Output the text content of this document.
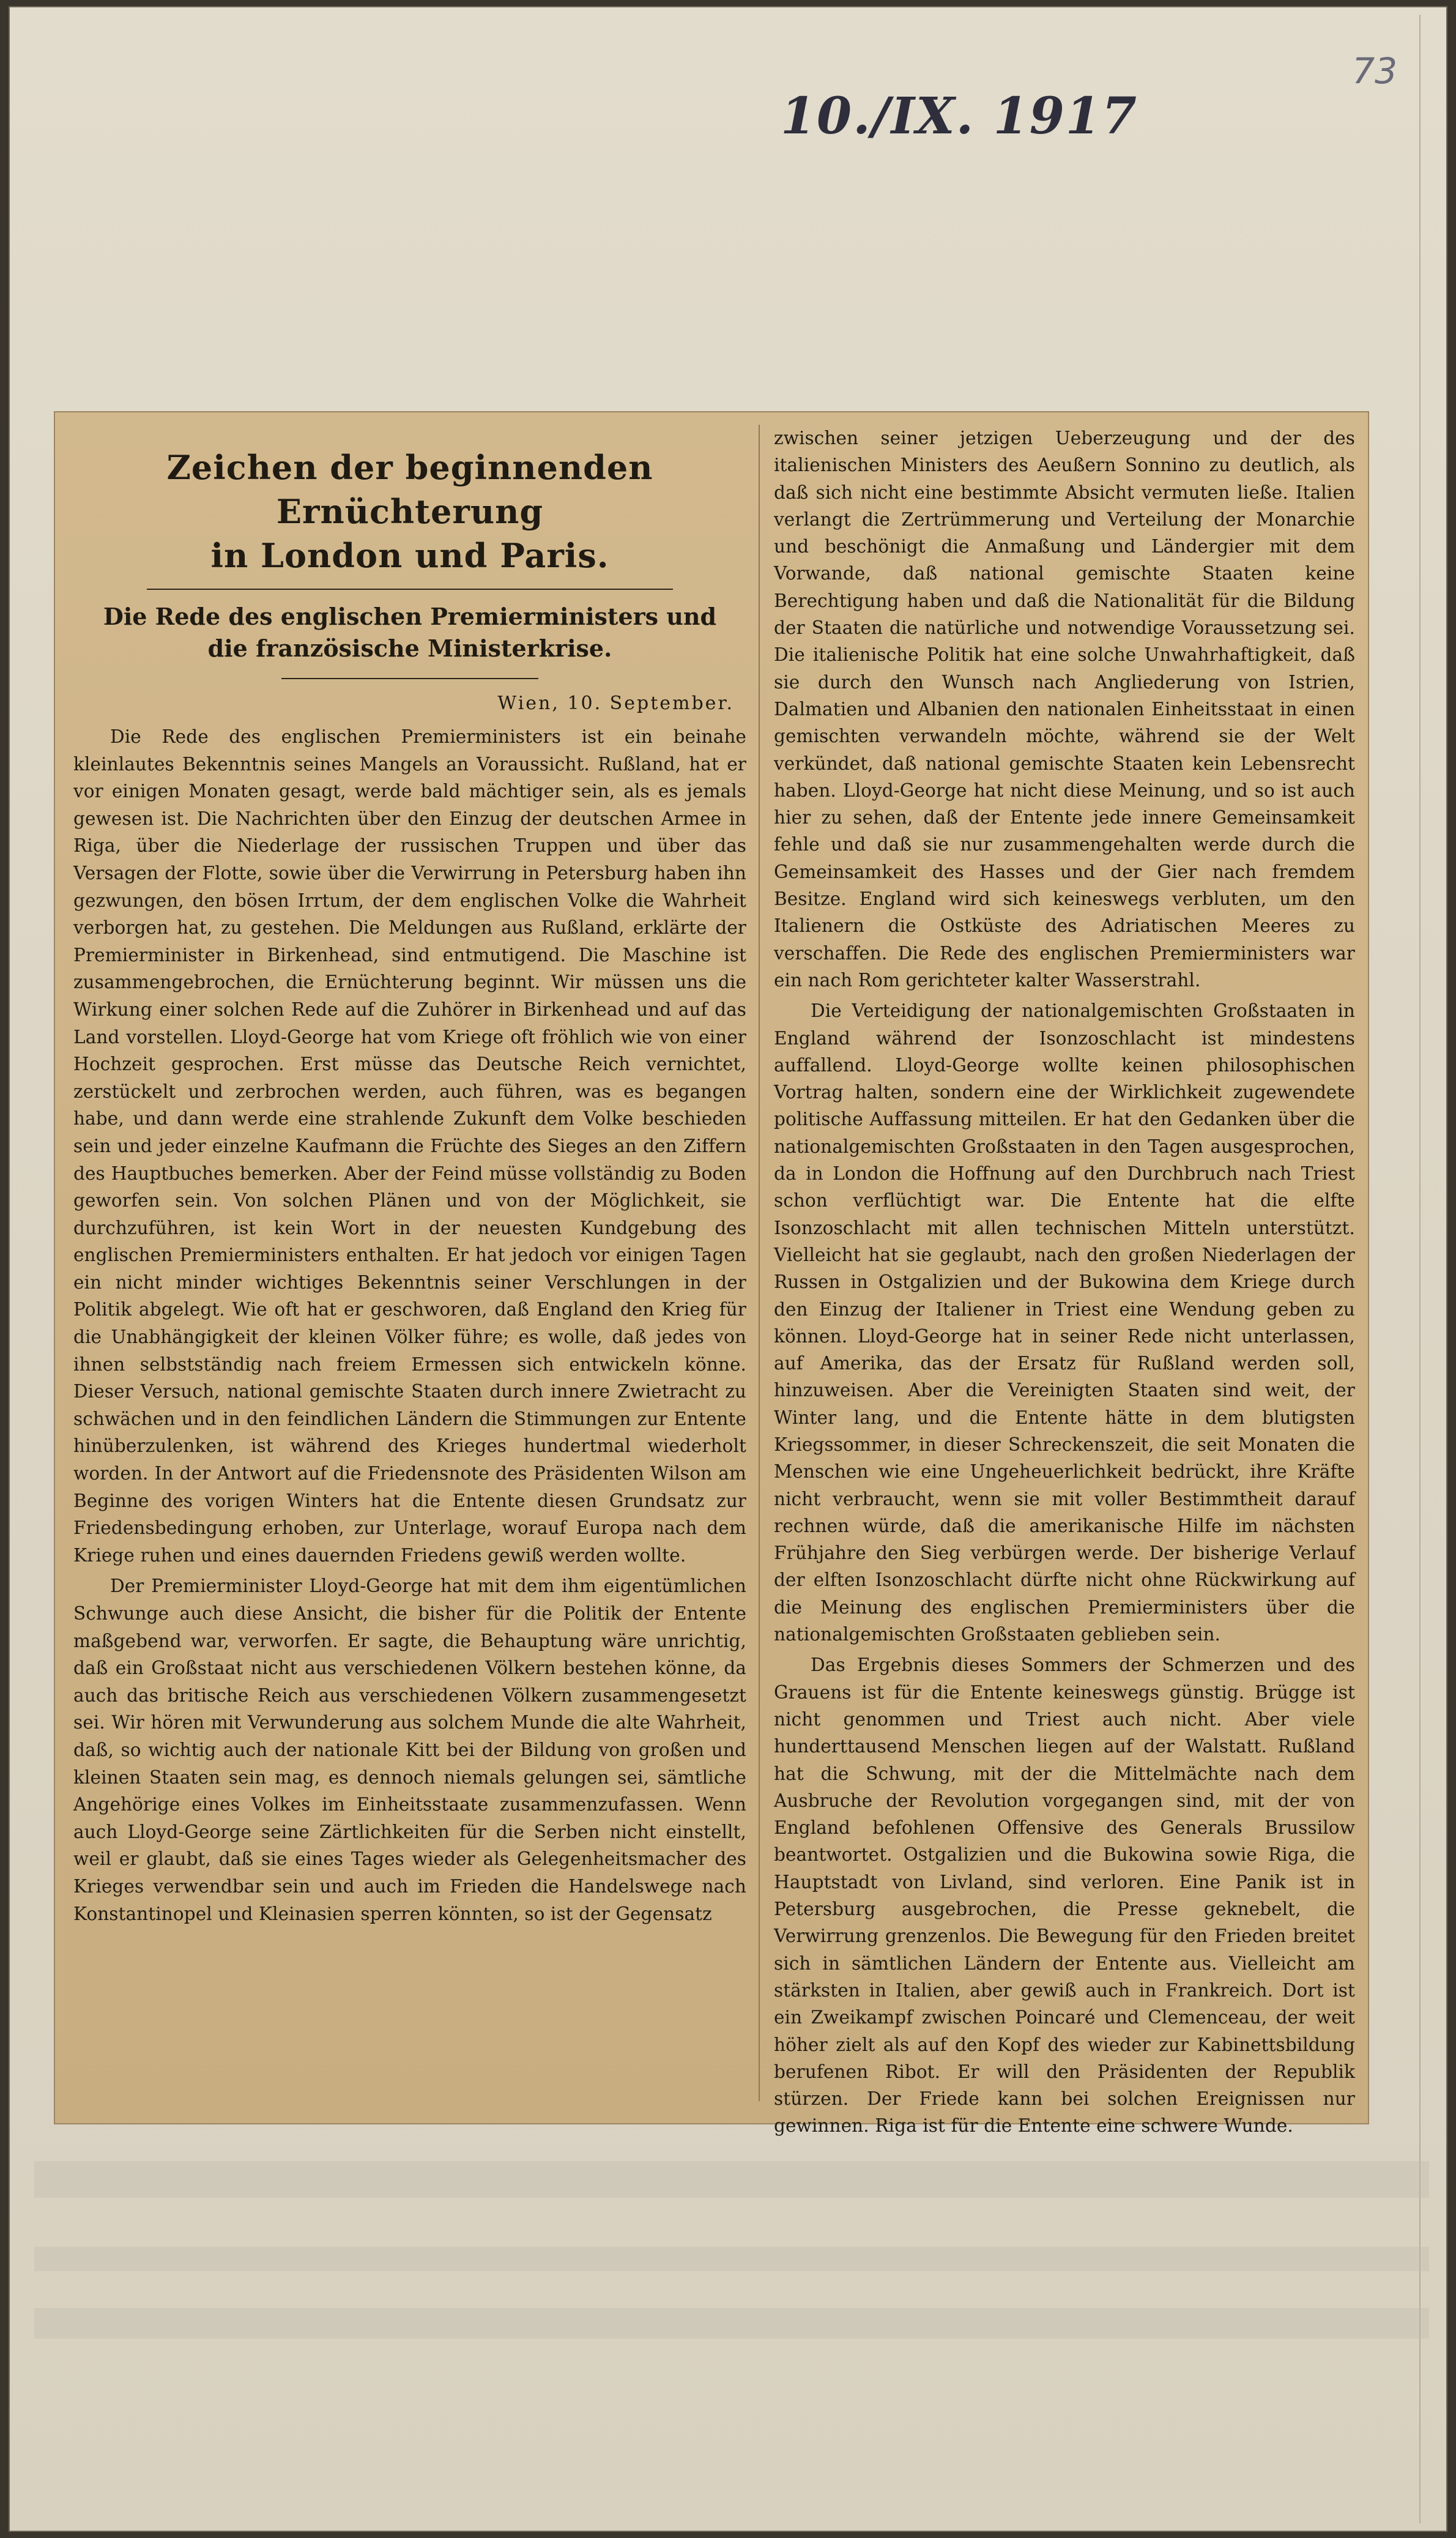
73
10./IX. 1917
Zeichen der beginnenden Ernüchterung
in London und Paris.
Die Rede des englischen Premierministers und
die französische Ministerkrise.
Wien, 10. September.

Die Rede des englischen Premierministers ist ein beinahe kleinlautes Bekenntnis seines Mangels an Voraussicht. Rußland, hat er vor einigen Monaten gesagt, werde bald mächtiger sein, als es jemals gewesen ist. Die Nachrichten über den Einzug der deutschen Armee in Riga, über die Niederlage der russischen Truppen und über das Versagen der Flotte, sowie über die Verwirrung in Petersburg haben ihn gezwungen, den bösen Irrtum, der dem englischen Volke die Wahrheit verborgen hat, zu gestehen. Die Meldungen aus Rußland, erklärte der Premierminister in Birkenhead, sind entmutigend. Die Maschine ist zusammengebrochen, die Ernüchterung beginnt. Wir müssen uns die Wirkung einer solchen Rede auf die Zuhörer in Birkenhead und auf das Land vorstellen. Lloyd-George hat vom Kriege oft fröhlich wie von einer Hochzeit gesprochen. Erst müsse das Deutsche Reich vernichtet, zerstückelt und zerbrochen werden, auch führen, was es begangen habe, und dann werde eine strahlende Zukunft dem Volke beschieden sein und jeder einzelne Kaufmann die Früchte des Sieges an den Ziffern des Hauptbuches bemerken. Aber der Feind müsse vollständig zu Boden geworfen sein. Von solchen Plänen und von der Möglichkeit, sie durchzuführen, ist kein Wort in der neuesten Kundgebung des englischen Premierministers enthalten. Er hat jedoch vor einigen Tagen ein nicht minder wichtiges Bekenntnis seiner Verschlungen in der Politik abgelegt. Wie oft hat er geschworen, daß England den Krieg für die Unabhängigkeit der kleinen Völker führe; es wolle, daß jedes von ihnen selbstständig nach freiem Ermessen sich entwickeln könne. Dieser Versuch, national gemischte Staaten durch innere Zwietracht zu schwächen und in den feindlichen Ländern die Stimmungen zur Entente hinüberzulenken, ist während des Krieges hundertmal wiederholt worden. In der Antwort auf die Friedensnote des Präsidenten Wilson am Beginne des vorigen Winters hat die Entente diesen Grundsatz zur Friedensbedingung erhoben, zur Unterlage, worauf Europa nach dem Kriege ruhen und eines dauernden Friedens gewiß werden wollte.

Der Premierminister Lloyd-George hat mit dem ihm eigentümlichen Schwunge auch diese Ansicht, die bisher für die Politik der Entente maßgebend war, verworfen. Er sagte, die Behauptung wäre unrichtig, daß ein Großstaat nicht aus verschiedenen Völkern bestehen könne, da auch das britische Reich aus verschiedenen Völkern zusammengesetzt sei. Wir hören mit Verwunderung aus solchem Munde die alte Wahrheit, daß, so wichtig auch der nationale Kitt bei der Bildung von großen und kleinen Staaten sein mag, es dennoch niemals gelungen sei, sämtliche Angehörige eines Volkes im Einheitsstaate zusammenzufassen. Wenn auch Lloyd-George seine Zärtlichkeiten für die Serben nicht einstellt, weil er glaubt, daß sie eines Tages wieder als Gelegenheitsmacher des Krieges verwendbar sein und auch im Frieden die Handelswege nach Konstantinopel und Kleinasien sperren könnten, so ist der Gegensatz

zwischen seiner jetzigen Ueberzeugung und der des italienischen Ministers des Aeußern Sonnino zu deutlich, als daß sich nicht eine bestimmte Absicht vermuten ließe. Italien verlangt die Zertrümmerung und Verteilung der Monarchie und beschönigt die Anmaßung und Ländergier mit dem Vorwande, daß national gemischte Staaten keine Berechtigung haben und daß die Nationalität für die Bildung der Staaten die natürliche und notwendige Voraussetzung sei. Die italienische Politik hat eine solche Unwahrhaftigkeit, daß sie durch den Wunsch nach Angliederung von Istrien, Dalmatien und Albanien den nationalen Einheitsstaat in einen gemischten verwandeln möchte, während sie der Welt verkündet, daß national gemischte Staaten kein Lebensrecht haben. Lloyd-George hat nicht diese Meinung, und so ist auch hier zu sehen, daß der Entente jede innere Gemeinsamkeit fehle und daß sie nur zusammengehalten werde durch die Gemeinsamkeit des Hasses und der Gier nach fremdem Besitze. England wird sich keineswegs verbluten, um den Italienern die Ostküste des Adriatischen Meeres zu verschaffen. Die Rede des englischen Premierministers war ein nach Rom gerichteter kalter Wasserstrahl.

Die Verteidigung der nationalgemischten Großstaaten in England während der Isonzoschlacht ist mindestens auffallend. Lloyd-George wollte keinen philosophischen Vortrag halten, sondern eine der Wirklichkeit zugewendete politische Auffassung mitteilen. Er hat den Gedanken über die nationalgemischten Großstaaten in den Tagen ausgesprochen, da in London die Hoffnung auf den Durchbruch nach Triest schon verflüchtigt war. Die Entente hat die elfte Isonzoschlacht mit allen technischen Mitteln unterstützt. Vielleicht hat sie geglaubt, nach den großen Niederlagen der Russen in Ostgalizien und der Bukowina dem Kriege durch den Einzug der Italiener in Triest eine Wendung geben zu können. Lloyd-George hat in seiner Rede nicht unterlassen, auf Amerika, das der Ersatz für Rußland werden soll, hinzuweisen. Aber die Vereinigten Staaten sind weit, der Winter lang, und die Entente hätte in dem blutigsten Kriegssommer, in dieser Schreckenszeit, die seit Monaten die Menschen wie eine Ungeheuerlichkeit bedrückt, ihre Kräfte nicht verbraucht, wenn sie mit voller Bestimmtheit darauf rechnen würde, daß die amerikanische Hilfe im nächsten Frühjahre den Sieg verbürgen werde. Der bisherige Verlauf der elften Isonzoschlacht dürfte nicht ohne Rückwirkung auf die Meinung des englischen Premierministers über die nationalgemischten Großstaaten geblieben sein.

Das Ergebnis dieses Sommers der Schmerzen und des Grauens ist für die Entente keineswegs günstig. Brügge ist nicht genommen und Triest auch nicht. Aber viele hunderttausend Menschen liegen auf der Walstatt. Rußland hat die Schwung, mit der die Mittelmächte nach dem Ausbruche der Revolution vorgegangen sind, mit der von England befohlenen Offensive des Generals Brussilow beantwortet. Ostgalizien und die Bukowina sowie Riga, die Hauptstadt von Livland, sind verloren. Eine Panik ist in Petersburg ausgebrochen, die Presse geknebelt, die Verwirrung grenzenlos. Die Bewegung für den Frieden breitet sich in sämtlichen Ländern der Entente aus. Vielleicht am stärksten in Italien, aber gewiß auch in Frankreich. Dort ist ein Zweikampf zwischen Poincaré und Clemenceau, der weit höher zielt als auf den Kopf des wieder zur Kabinettsbildung berufenen Ribot. Er will den Präsidenten der Republik stürzen. Der Friede kann bei solchen Ereignissen nur gewinnen. Riga ist für die Entente eine schwere Wunde.
